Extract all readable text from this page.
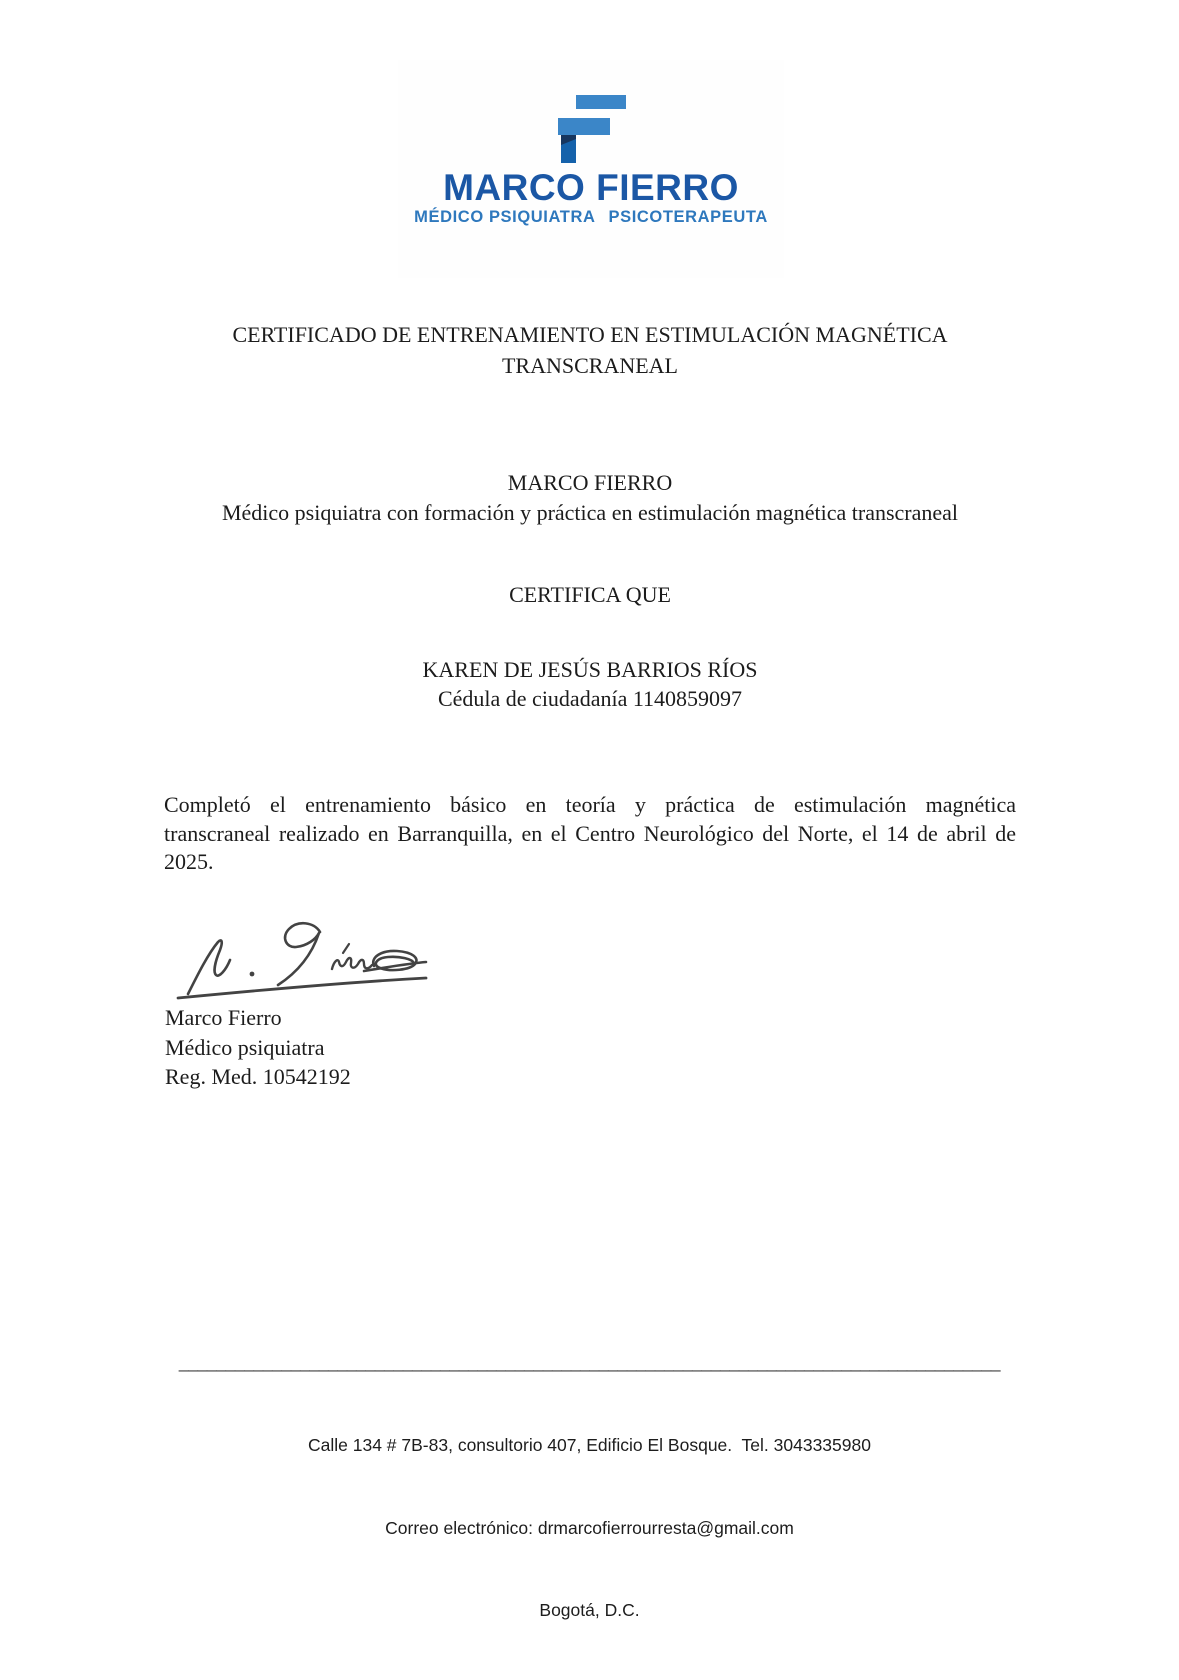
MARCO FIERRO
MÉDICO PSIQUIATRA PSICOTERAPEUTA
CERTIFICADO DE ENTRENAMIENTO EN ESTIMULACIÓN MAGNÉTICA
TRANSCRANEAL
MARCO FIERRO
Médico psiquiatra con formación y práctica en estimulación magnética transcraneal
CERTIFICA QUE
KAREN DE JESÚS BARRIOS RÍOS
Cédula de ciudadanía 1140859097
Completó el entrenamiento básico en teoría y práctica de estimulación magnética
transcraneal realizado en Barranquilla, en el Centro Neurológico del Norte, el 14 de abril de
2025.
Marco Fierro
Médico psiquiatra
Reg. Med. 10542192
________________________________________________________________________________________

Calle 134 # 7B-83, consultorio 407, Edificio El Bosque.  Tel. 3043335980

Correo electrónico: drmarcofierrourresta@gmail.com

Bogotá, D.C.
